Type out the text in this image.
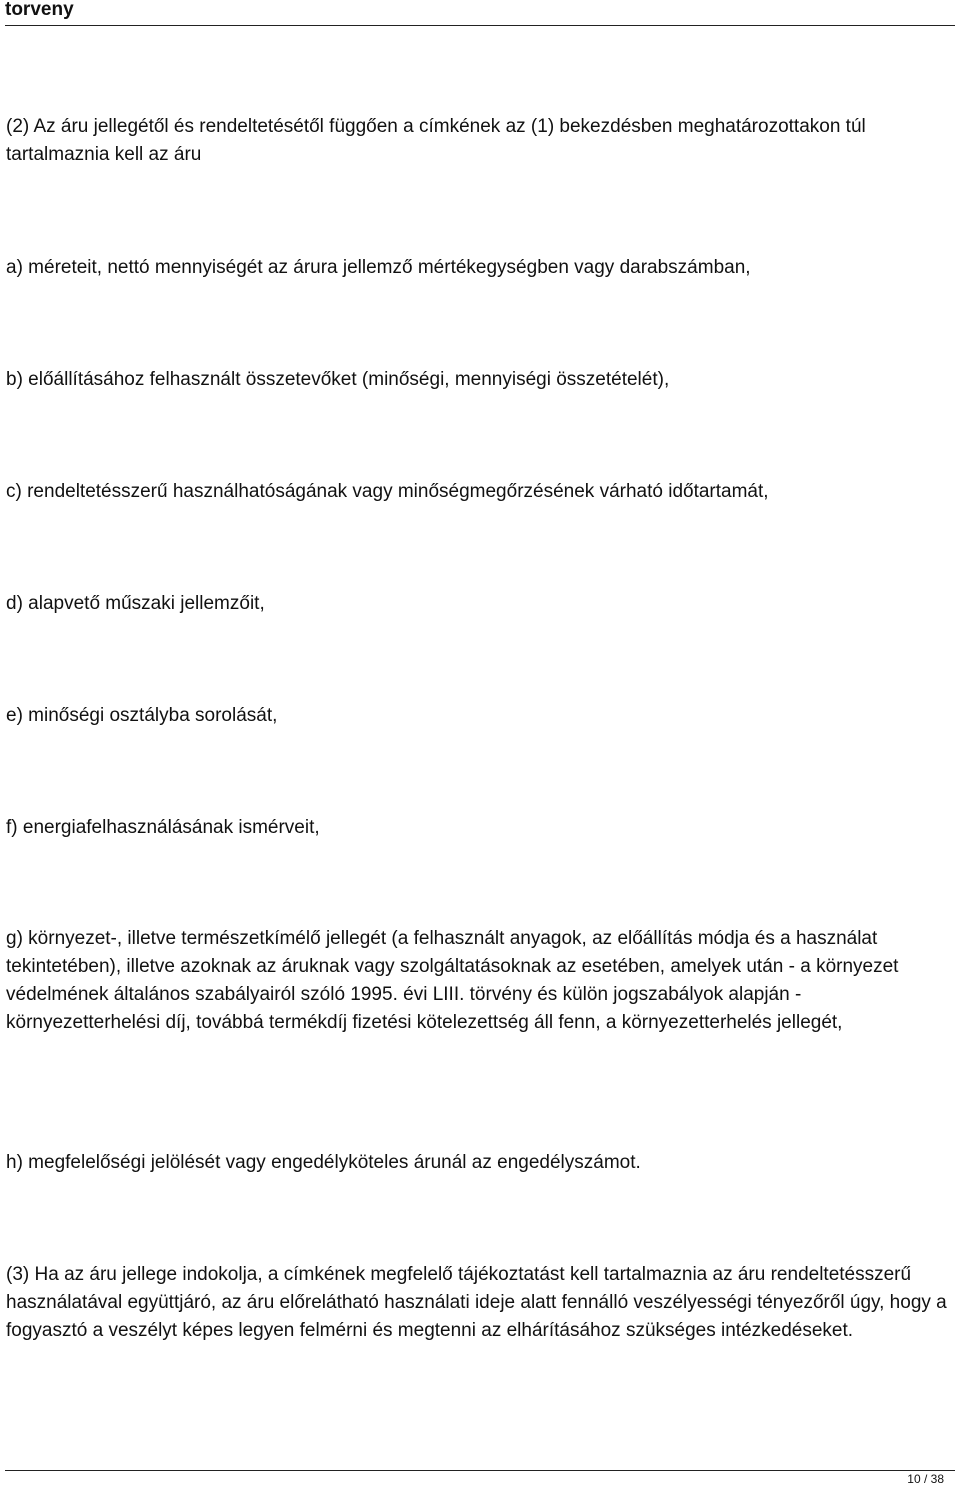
torveny

(2) Az áru jellegétől és rendeltetésétől függően a címkének az (1) bekezdésben meghatározottakon túl tartalmaznia kell az áru

a) méreteit, nettó mennyiségét az árura jellemző mértékegységben vagy darabszámban,

b) előállításához felhasznált összetevőket (minőségi, mennyiségi összetételét),

c) rendeltetésszerű használhatóságának vagy minőségmegőrzésének várható időtartamát,

d) alapvető műszaki jellemzőit,

e) minőségi osztályba sorolását,

f) energiafelhasználásának ismérveit,

g) környezet-, illetve természetkímélő jellegét (a felhasznált anyagok, az előállítás módja és a használat tekintetében), illetve azoknak az áruknak vagy szolgáltatásoknak az esetében, amelyek után - a környezet védelmének általános szabályairól szóló 1995. évi LIII. törvény és külön jogszabályok alapján - környezetterhelési díj, továbbá termékdíj fizetési kötelezettség áll fenn, a környezetterhelés jellegét,

h) megfelelőségi jelölését vagy engedélyköteles árunál az engedélyszámot.

(3) Ha az áru jellege indokolja, a címkének megfelelő tájékoztatást kell tartalmaznia az áru rendeltetésszerű használatával együttjáró, az áru előrelátható használati ideje alatt fennálló veszélyességi tényezőről úgy, hogy a fogyasztó a veszélyt képes legyen felmérni és megtenni az elhárításához szükséges intézkedéseket.

10 / 38
